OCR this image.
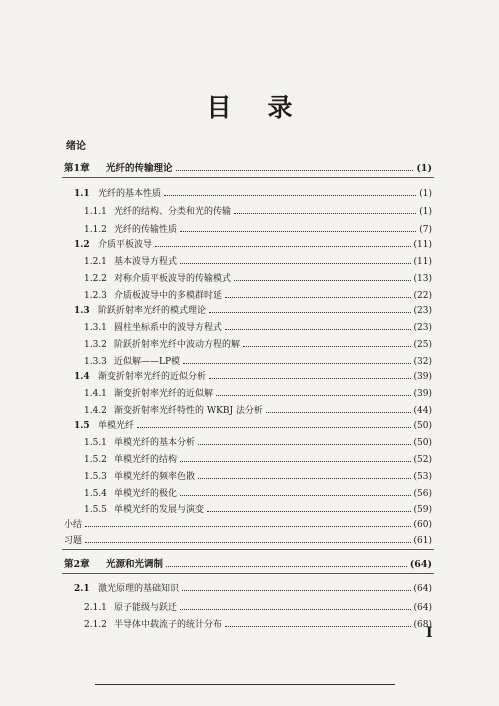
目录
绪论
第1章	光纤的传输理论	(1)
1.1 光纤的基本性质	(1)
1.1.1 光纤的结构、分类和光的传输	(1)
1.1.2 光纤的传输性质	(7)
1.2 介质平板波导	(11)
1.2.1 基本波导方程式	(11)
1.2.2 对称介质平板波导的传输模式	(13)
1.2.3 介质板波导中的多模群时延	(22)
1.3 阶跃折射率光纤的模式理论	(23)
1.3.1 圆柱坐标系中的波导方程式	(23)
1.3.2 阶跃折射率光纤中波动方程的解	(25)
1.3.3 近似解——LP模	(32)
1.4 渐变折射率光纤的近似分析	(39)
1.4.1 渐变折射率光纤的近似解	(39)
1.4.2 渐变折射率光纤特性的 WKBJ 法分析	(44)
1.5 单模光纤	(50)
1.5.1 单模光纤的基本分析	(50)
1.5.2 单模光纤的结构	(52)
1.5.3 单模光纤的频率色散	(53)
1.5.4 单模光纤的极化	(56)
1.5.5 单模光纤的发展与演变	(59)
小结	(60)
习题	(61)
第2章	光源和光调制	(64)
2.1 激光原理的基础知识	(64)
2.1.1 原子能级与跃迁	(64)
2.1.2 半导体中载流子的统计分布	(68)
I
